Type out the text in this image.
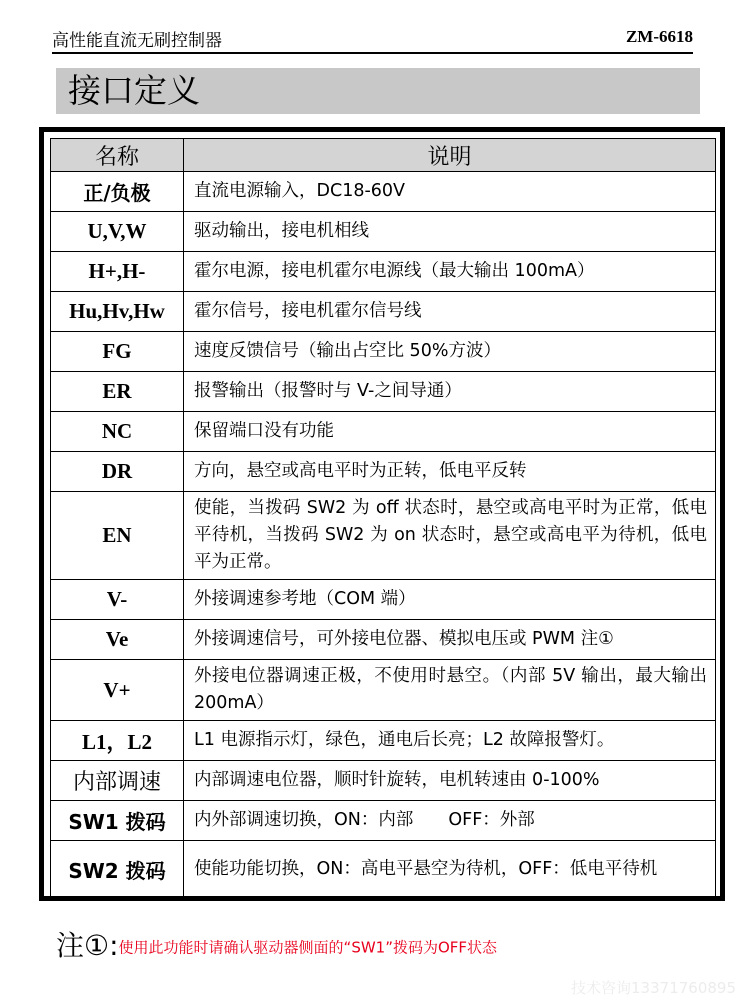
高性能直流无刷控制器	ZM-6618
接口定义
名称	说明
正/负极	直流电源输入，DC18-60V
U,V,W	驱动输出，接电机相线
H+,H-	霍尔电源，接电机霍尔电源线（最大输出 100mA）
Hu,Hv,Hw	霍尔信号，接电机霍尔信号线
FG	速度反馈信号（输出占空比 50%方波）
ER	报警输出（报警时与 V-之间导通）
NC	保留端口没有功能
DR	方向，悬空或高电平时为正转，低电平反转
EN	使能，当拨码 SW2 为 off 状态时，悬空或高电平时为正常，低电平待机，当拨码 SW2 为 on 状态时，悬空或高电平为待机，低电平为正常。
V-	外接调速参考地（COM 端）
Ve	外接调速信号，可外接电位器、模拟电压或 PWM 注①
V+	外接电位器调速正极，不使用时悬空。（内部 5V 输出，最大输出 200mA）
L1，L2	L1 电源指示灯，绿色，通电后长亮；L2 故障报警灯。
内部调速	内部调速电位器，顺时针旋转，电机转速由 0-100%
SW1 拨码	内外部调速切换，ON：内部　　OFF：外部
SW2 拨码	使能功能切换，ON：高电平悬空为待机，OFF：低电平待机
注①:使用此功能时请确认驱动器侧面的“SW1”拨码为OFF状态
技术咨询13371760895
